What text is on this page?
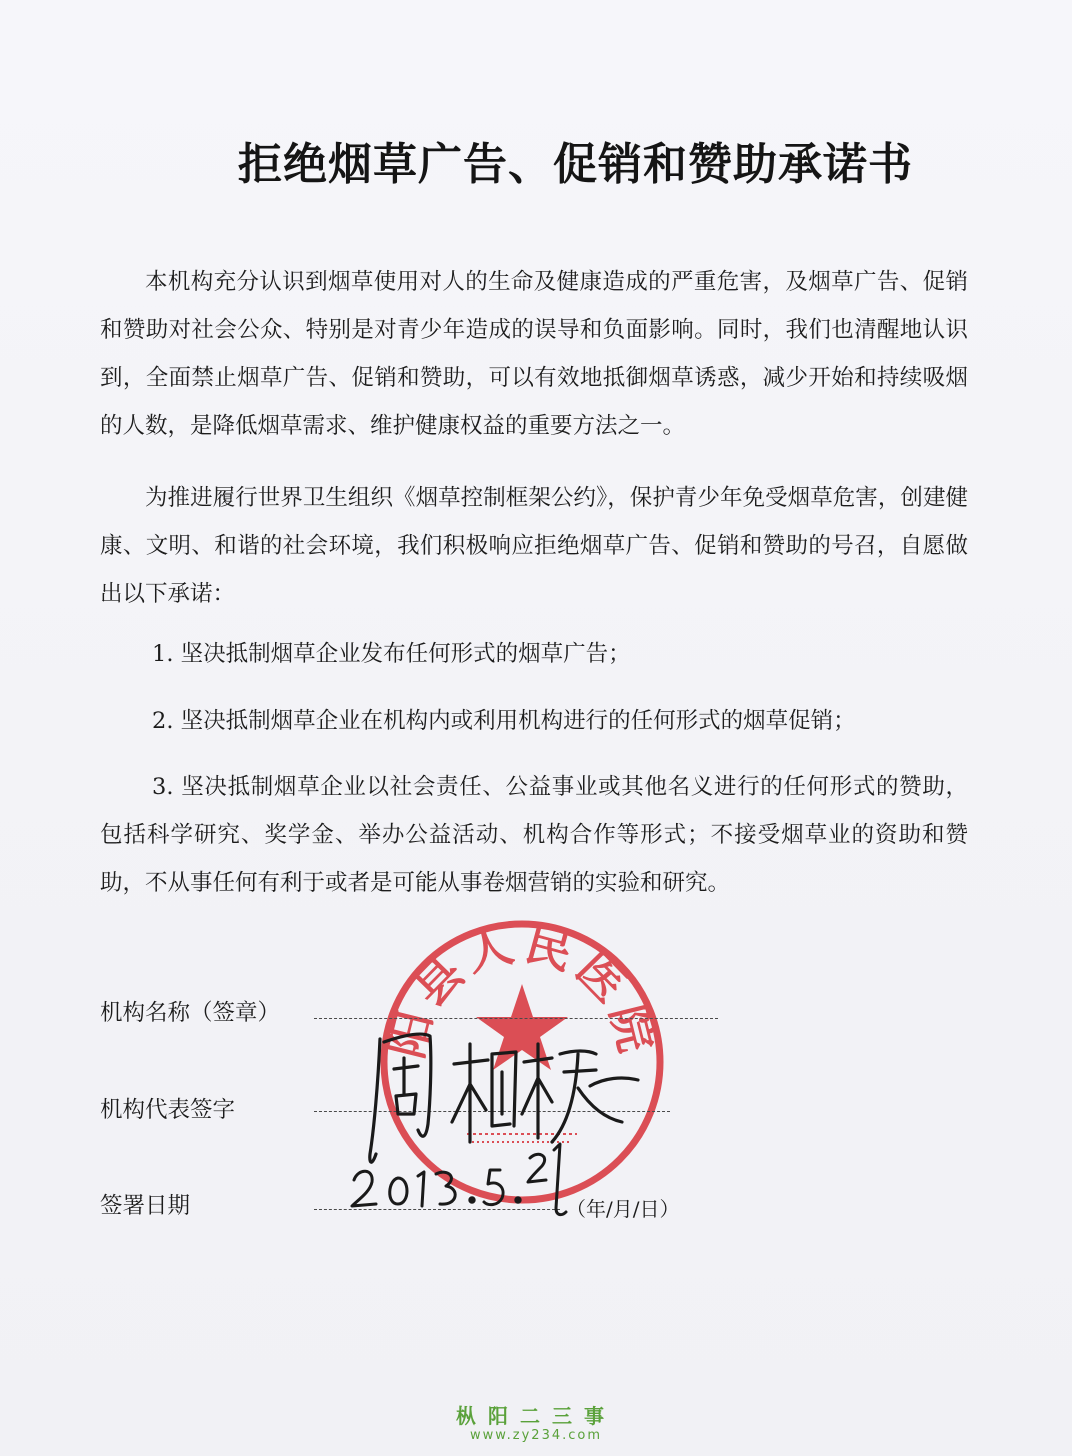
拒绝烟草广告、促销和赞助承诺书
本机构充分认识到烟草使用对人的生命及健康造成的严重危害，及烟草广告、促销和赞助对社会公众、特别是对青少年造成的误导和负面影响。同时，我们也清醒地认识到，全面禁止烟草广告、促销和赞助，可以有效地抵御烟草诱惑，减少开始和持续吸烟的人数，是降低烟草需求、维护健康权益的重要方法之一。
为推进履行世界卫生组织《烟草控制框架公约》，保护青少年免受烟草危害，创建健康、文明、和谐的社会环境，我们积极响应拒绝烟草广告、促销和赞助的号召，自愿做出以下承诺：
1. 坚决抵制烟草企业发布任何形式的烟草广告；
2. 坚决抵制烟草企业在机构内或利用机构进行的任何形式的烟草促销；
3. 坚决抵制烟草企业以社会责任、公益事业或其他名义进行的任何形式的赞助，包括科学研究、奖学金、举办公益活动、机构合作等形式；不接受烟草业的资助和赞助，不从事任何有利于或者是可能从事卷烟营销的实验和研究。
阳县人民医院
机构名称（签章）
机构代表签字
签署日期	（年/月/日）
枞阳二三事
www.zy234.com
